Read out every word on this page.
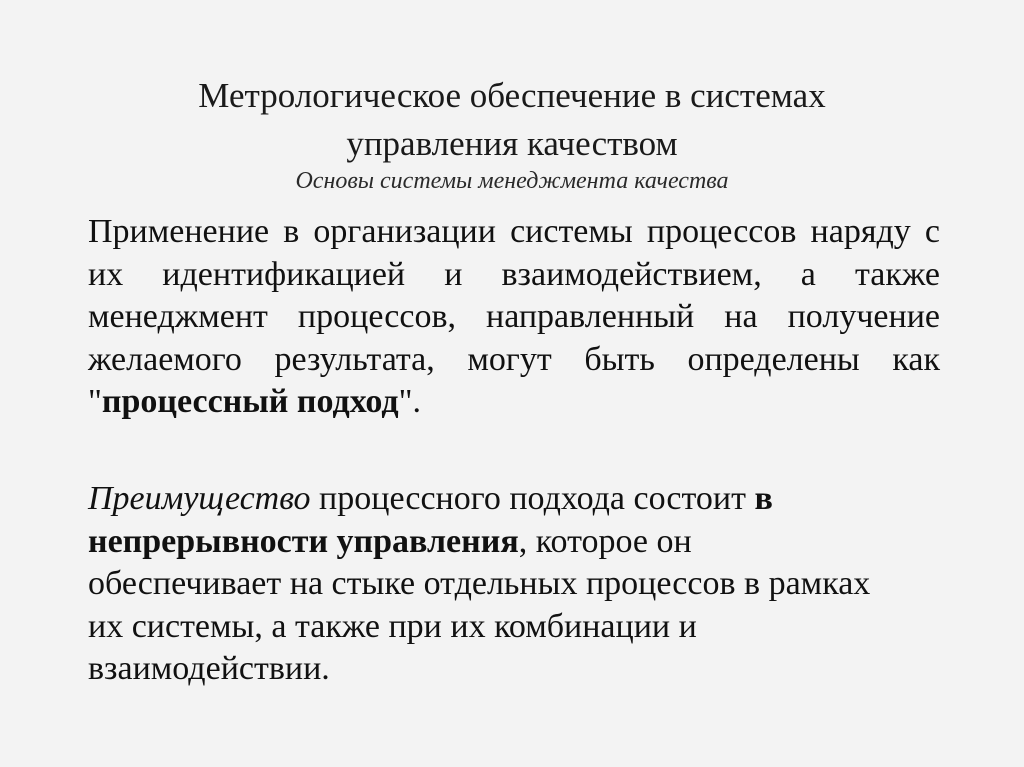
Метрологическое обеспечение в системах
управления качеством
Основы системы менеджмента качества

Применение в организации системы процессов наряду с их идентификацией и взаимодействием, а также менеджмент процессов, направленный на получение желаемого результата, могут быть определены как "процессный подход".

Преимущество процессного подхода состоит в непрерывности управления, которое он обеспечивает на стыке отдельных процессов в рамках их системы, а также при их комбинации и взаимодействии.
